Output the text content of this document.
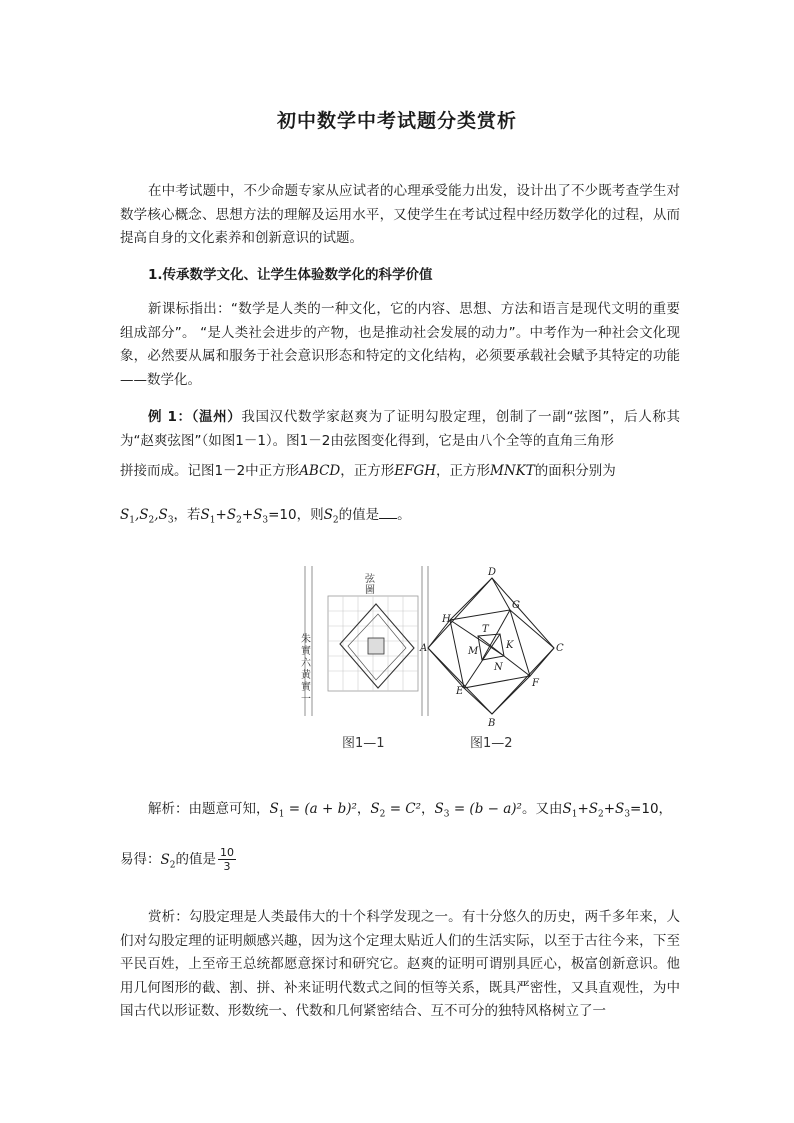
初中数学中考试题分类赏析

在中考试题中，不少命题专家从应试者的心理承受能力出发，设计出了不少既考查学生对数学核心概念、思想方法的理解及运用水平，又使学生在考试过程中经历数学化的过程，从而提高自身的文化素养和创新意识的试题。

1.传承数学文化、让学生体验数学化的科学价值

新课标指出：“数学是人类的一种文化，它的内容、思想、方法和语言是现代文明的重要组成部分”。 “是人类社会进步的产物，也是推动社会发展的动力”。中考作为一种社会文化现象，必然要从属和服务于社会意识形态和特定的文化结构，必须要承载社会赋予其特定的功能——数学化。

例 1：（温州）我国汉代数学家赵爽为了证明勾股定理，创制了一副“弦图”，后人称其为“赵爽弦图”（如图1－1）。图1－2由弦图变化得到，它是由八个全等的直角三角形

拼接而成。记图1－2中正方形ABCD，正方形EFGH，正方形MNKT的面积分别为

$S_1,S_2,S_3$，若$S_1+S_2+S_3=10$，则$S_2$的值是 。

弦
圖
朱
實
六
黄
實
一
D
G
C
A
H
F
E
B
T
K
M
N
图1—1	图1—2

解析：由题意可知，$S_1 = (a + b)^2$，$S_2 = C^2$，$S_3 = (b - a)^2$。又由$S_1+S_2+S_3=10$，

易得：$S_2$的值是 $\frac{10}{3}$

赏析：勾股定理是人类最伟大的十个科学发现之一。有十分悠久的历史，两千多年来，人们对勾股定理的证明颇感兴趣，因为这个定理太贴近人们的生活实际，以至于古往今来，下至平民百姓，上至帝王总统都愿意探讨和研究它。赵爽的证明可谓别具匠心，极富创新意识。他用几何图形的截、割、拼、补来证明代数式之间的恒等关系，既具严密性，又具直观性，为中国古代以形证数、形数统一、代数和几何紧密结合、互不可分的独特风格树立了一
